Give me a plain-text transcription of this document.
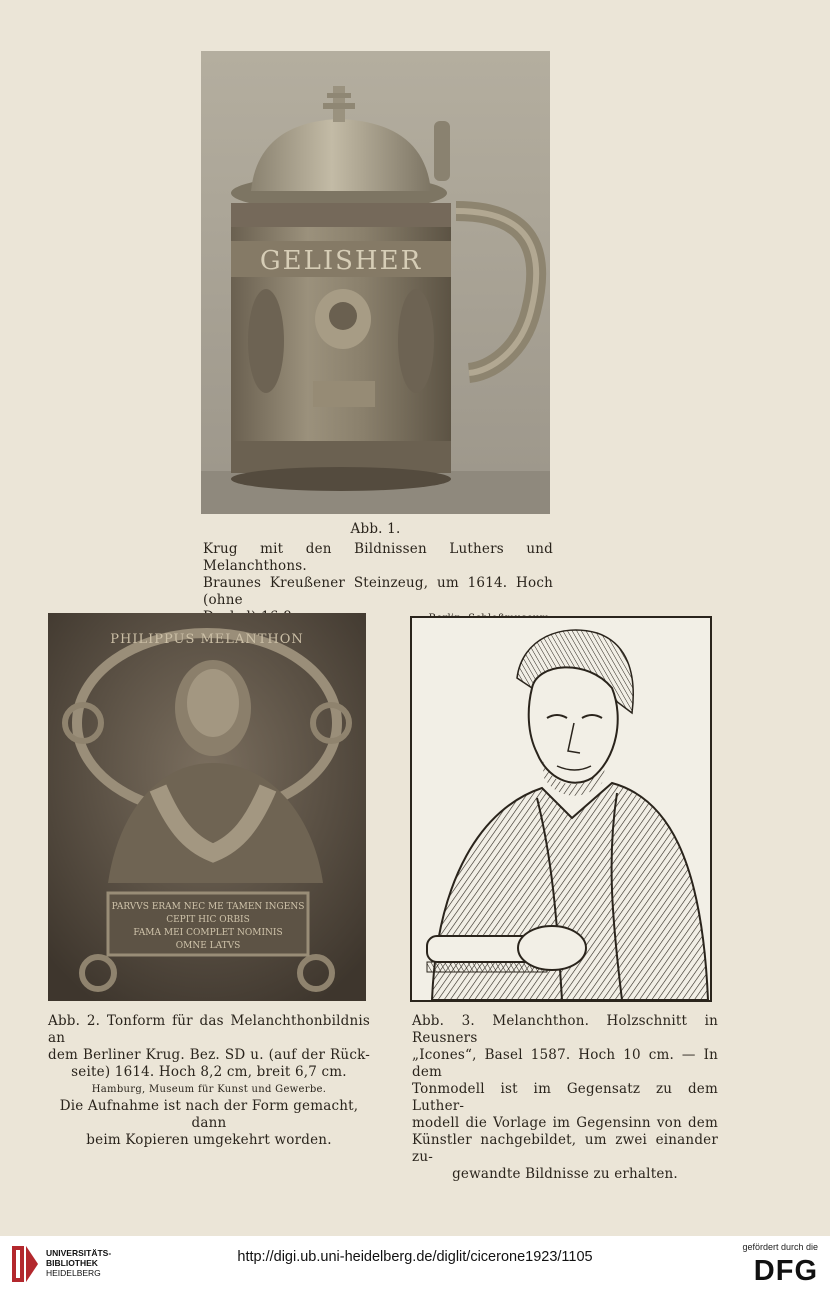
GELISHER
Abb. 1.
Krug mit den Bildnissen Luthers und Melanchthons.
Braunes Kreußener Steinzeug, um 1614. Hoch (ohne
PHILIPPUS MELANTHON
PARVVS ERAM NEC ME TAMEN INGENS
CEPIT HIC ORBIS
FAMA MEI COMPLET NOMINIS
OMNE LATVS
Abb. 2. Tonform für das Melanchthonbildnis an
dem Berliner Krug. Bez. SD u. (auf der Rück-
seite) 1614. Hoch 8,2 cm, breit 6,7 cm.
Hamburg, Museum für Kunst und Gewerbe.
Die Aufnahme ist nach der Form gemacht, dann
beim Kopieren umgekehrt worden.
Abb. 3. Melanchthon. Holzschnitt in Reusners
„Icones“, Basel 1587. Hoch 10 cm. — In dem
Tonmodell ist im Gegensatz zu dem Luther-
modell die Vorlage im Gegensinn von dem
Künstler nachgebildet, um zwei einander zu-
gewandte Bildnisse zu erhalten.
UNIVERSITÄTS-
BIBLIOTHEK
HEIDELBERG
http://digi.ub.uni-heidelberg.de/diglit/cicerone1923/1105
gefördert durch die
DFG
